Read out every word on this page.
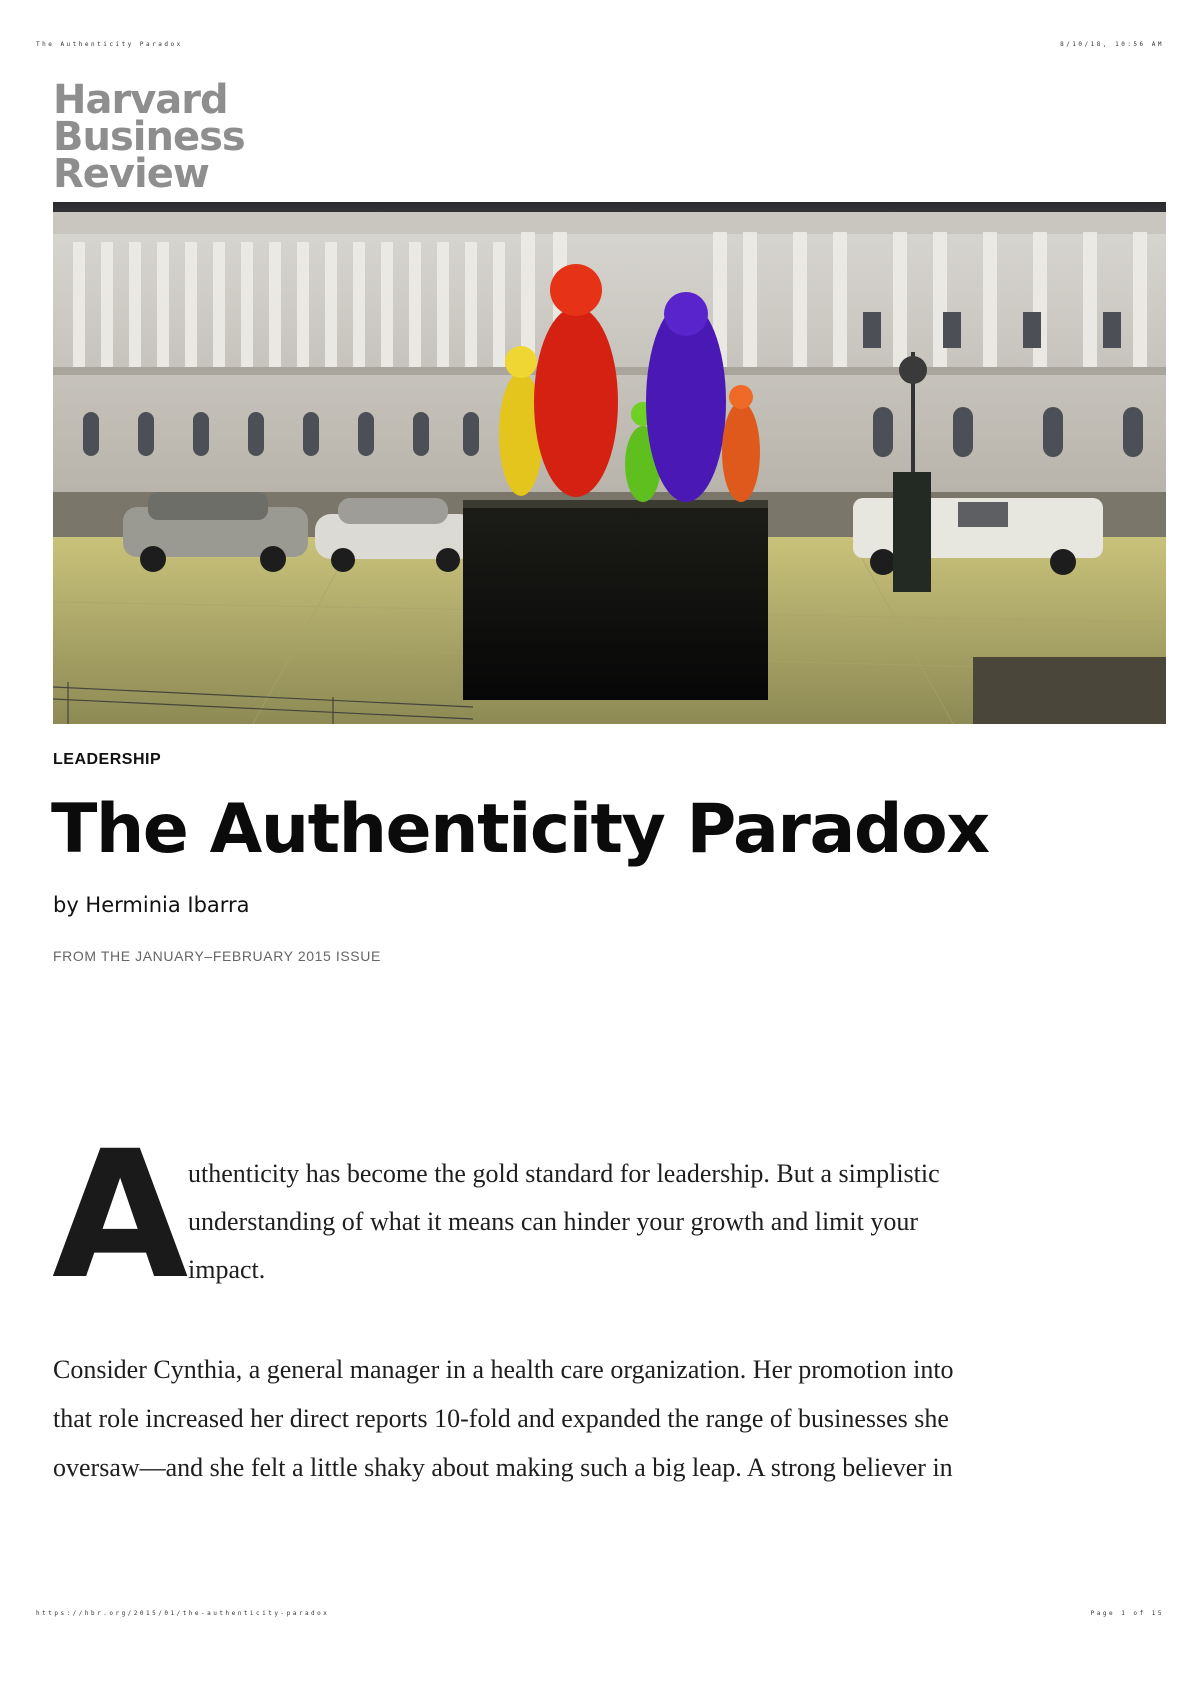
The Authenticity Paradox	8/10/18, 10:56 AM
Harvard
Business
Review
LEADERSHIP
The Authenticity Paradox
by Herminia Ibarra
FROM THE JANUARY–FEBRUARY 2015 ISSUE
A uthenticity has become the gold standard for leadership. But a simplistic
understanding of what it means can hinder your growth and limit your
impact.
Consider Cynthia, a general manager in a health care organization. Her promotion into
that role increased her direct reports 10-fold and expanded the range of businesses she
oversaw—and she felt a little shaky about making such a big leap. A strong believer in
https://hbr.org/2015/01/the-authenticity-paradox	Page 1 of 15
